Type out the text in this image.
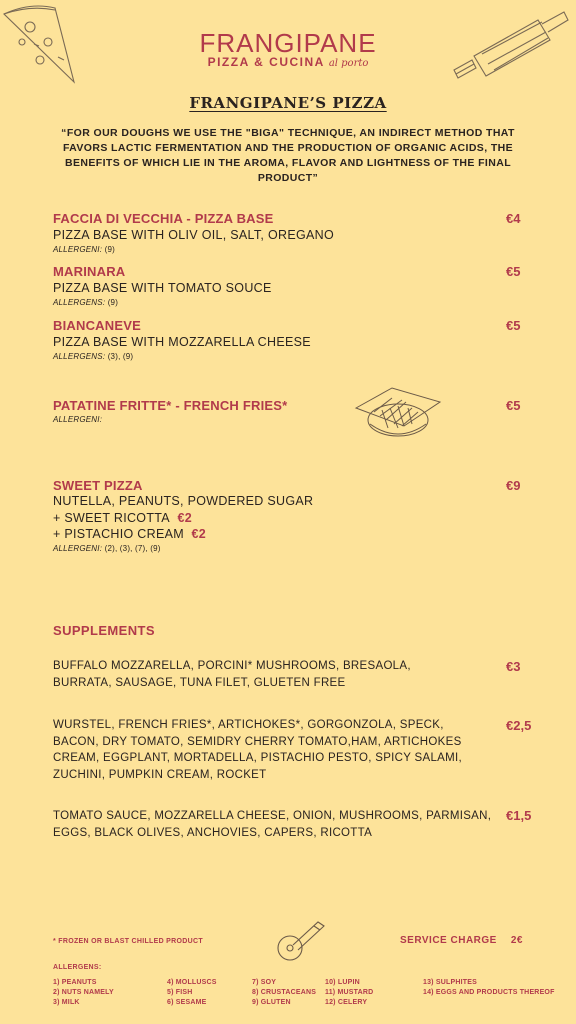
FRANGIPANE
PIZZA & CUCINA al porto
FRANGIPANE’S PIZZA
“FOR OUR DOUGHS WE USE THE "BIGA" TECHNIQUE, AN INDIRECT METHOD THAT FAVORS LACTIC FERMENTATION AND THE PRODUCTION OF ORGANIC ACIDS, THE BENEFITS OF WHICH LIE IN THE AROMA, FLAVOR AND LIGHTNESS OF THE FINAL PRODUCT”
FACCIA DI VECCHIA - PIZZA BASE	€4
PIZZA BASE WITH OLIV OIL, SALT, OREGANO
ALLERGENI: (9)
MARINARA	€5
PIZZA BASE WITH TOMATO SOUCE
ALLERGENS: (9)
BIANCANEVE	€5
PIZZA BASE WITH MOZZARELLA CHEESE
ALLERGENS: (3), (9)
PATATINE FRITTE* - FRENCH FRIES*	€5
ALLERGENI:
SWEET PIZZA	€9
NUTELLA, PEANUTS, POWDERED SUGAR
+ SWEET RICOTTA €2
+ PISTACHIO CREAM €2
ALLERGENI: (2), (3), (7), (9)
SUPPLEMENTS
BUFFALO MOZZARELLA, PORCINI* MUSHROOMS, BRESAOLA,
BURRATA, SAUSAGE, TUNA FILET, GLUETEN FREE
€3
WURSTEL, FRENCH FRIES*, ARTICHOKES*, GORGONZOLA, SPECK,
BACON, DRY TOMATO, SEMIDRY CHERRY TOMATO,HAM, ARTICHOKES
CREAM, EGGPLANT, MORTADELLA, PISTACHIO PESTO, SPICY SALAMI,
ZUCHINI, PUMPKIN CREAM, ROCKET
€2,5
TOMATO SAUCE, MOZZARELLA CHEESE, ONION, MUSHROOMS, PARMISAN,
EGGS, BLACK OLIVES, ANCHOVIES, CAPERS, RICOTTA
€1,5
* FROZEN OR BLAST CHILLED PRODUCT	SERVICE CHARGE 2€
ALLERGENS:
1) PEANUTS
2) NUTS NAMELY
3) MILK
4) MOLLUSCS
5) FISH
6) SESAME
7) SOY
8) CRUSTACEANS
9) GLUTEN
10) LUPIN
11) MUSTARD
12) CELERY
13) SULPHITES
14) EGGS AND PRODUCTS THEREOF
